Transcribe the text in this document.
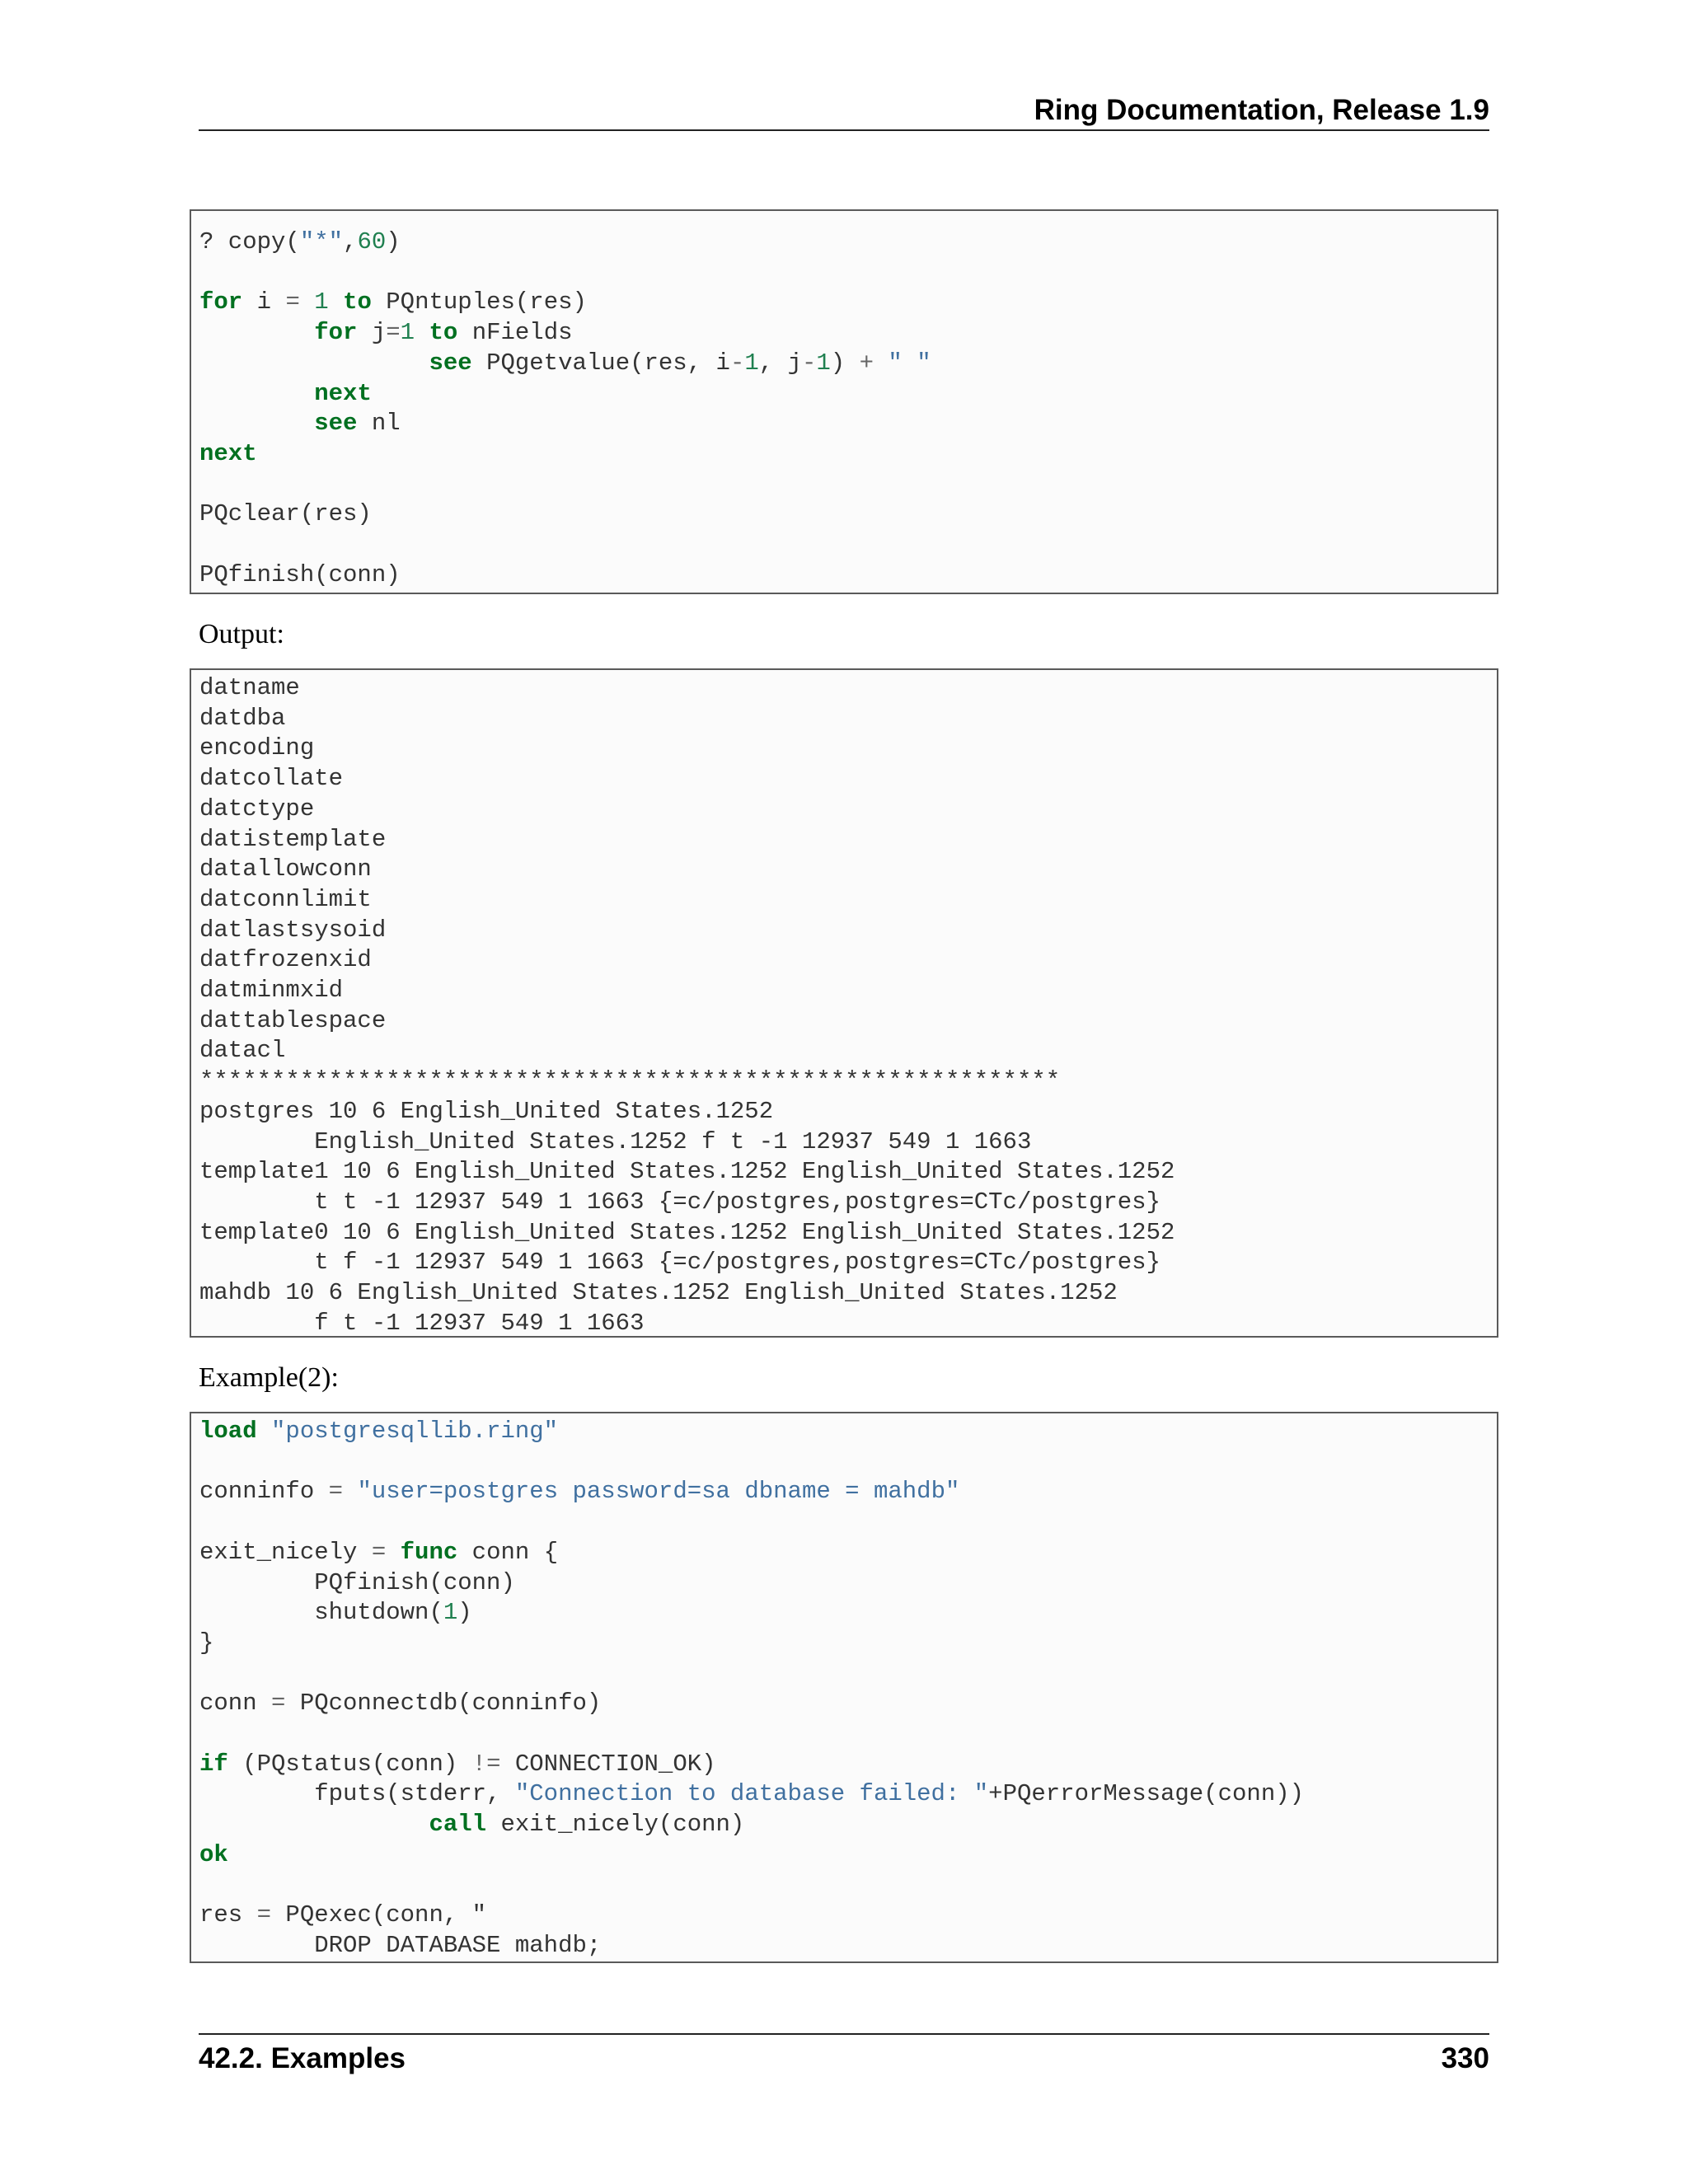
Ring Documentation, Release 1.9
? copy("*",60)

for i = 1 to PQntuples(res)
for j=1 to nFields
see PQgetvalue(res, i-1, j-1) + " "
next
see nl
next

PQclear(res)

PQfinish(conn)
Output:
datname
datdba
encoding
datcollate
datctype
datistemplate
datallowconn
datconnlimit
datlastsysoid
datfrozenxid
datminmxid
dattablespace
datacl
************************************************************
postgres 10 6 English_United States.1252
English_United States.1252 f t -1 12937 549 1 1663
template1 10 6 English_United States.1252 English_United States.1252
t t -1 12937 549 1 1663 {=c/postgres,postgres=CTc/postgres}
template0 10 6 English_United States.1252 English_United States.1252
t f -1 12937 549 1 1663 {=c/postgres,postgres=CTc/postgres}
mahdb 10 6 English_United States.1252 English_United States.1252
f t -1 12937 549 1 1663
Example(2):
load "postgresqllib.ring"

conninfo = "user=postgres password=sa dbname = mahdb"

exit_nicely = func conn {
PQfinish(conn)
shutdown(1)
}

conn = PQconnectdb(conninfo)

if (PQstatus(conn) != CONNECTION_OK)
fputs(stderr, "Connection to database failed: "+PQerrorMessage(conn))
call exit_nicely(conn)
ok

res = PQexec(conn, "
DROP DATABASE mahdb;
42.2. Examples	330
